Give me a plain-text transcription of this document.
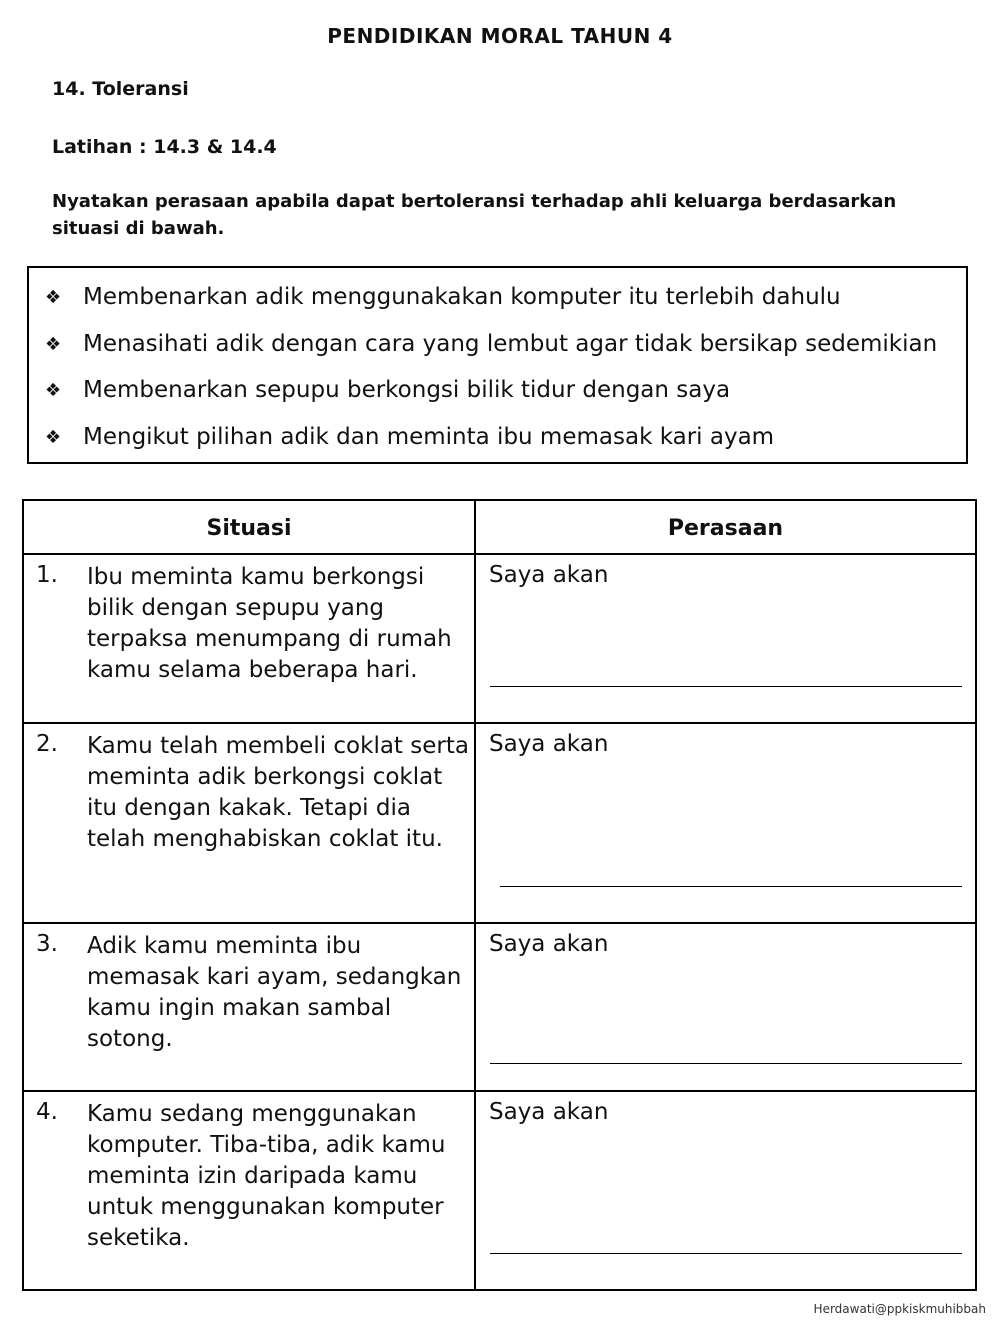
PENDIDIKAN MORAL TAHUN 4
14. Toleransi
Latihan : 14.3 & 14.4
Nyatakan perasaan apabila dapat bertoleransi terhadap ahli keluarga berdasarkan situasi di bawah.
❖ Membenarkan adik menggunakakan komputer itu terlebih dahulu
❖ Menasihati adik dengan cara yang lembut agar tidak bersikap sedemikian
❖ Membenarkan sepupu berkongsi bilik tidur dengan saya
❖ Mengikut pilihan adik dan meminta ibu memasak kari ayam
Situasi	Perasaan
1. Ibu meminta kamu berkongsi bilik dengan sepupu yang terpaksa menumpang di rumah kamu selama beberapa hari.
Saya akan
2. Kamu telah membeli coklat serta meminta adik berkongsi coklat itu dengan kakak. Tetapi dia telah menghabiskan coklat itu.
Saya akan
3. Adik kamu meminta ibu memasak kari ayam, sedangkan kamu ingin makan sambal sotong.
Saya akan
4. Kamu sedang menggunakan komputer. Tiba-tiba, adik kamu meminta izin daripada kamu untuk menggunakan komputer seketika.
Saya akan
Herdawati@ppkiskmuhibbah
